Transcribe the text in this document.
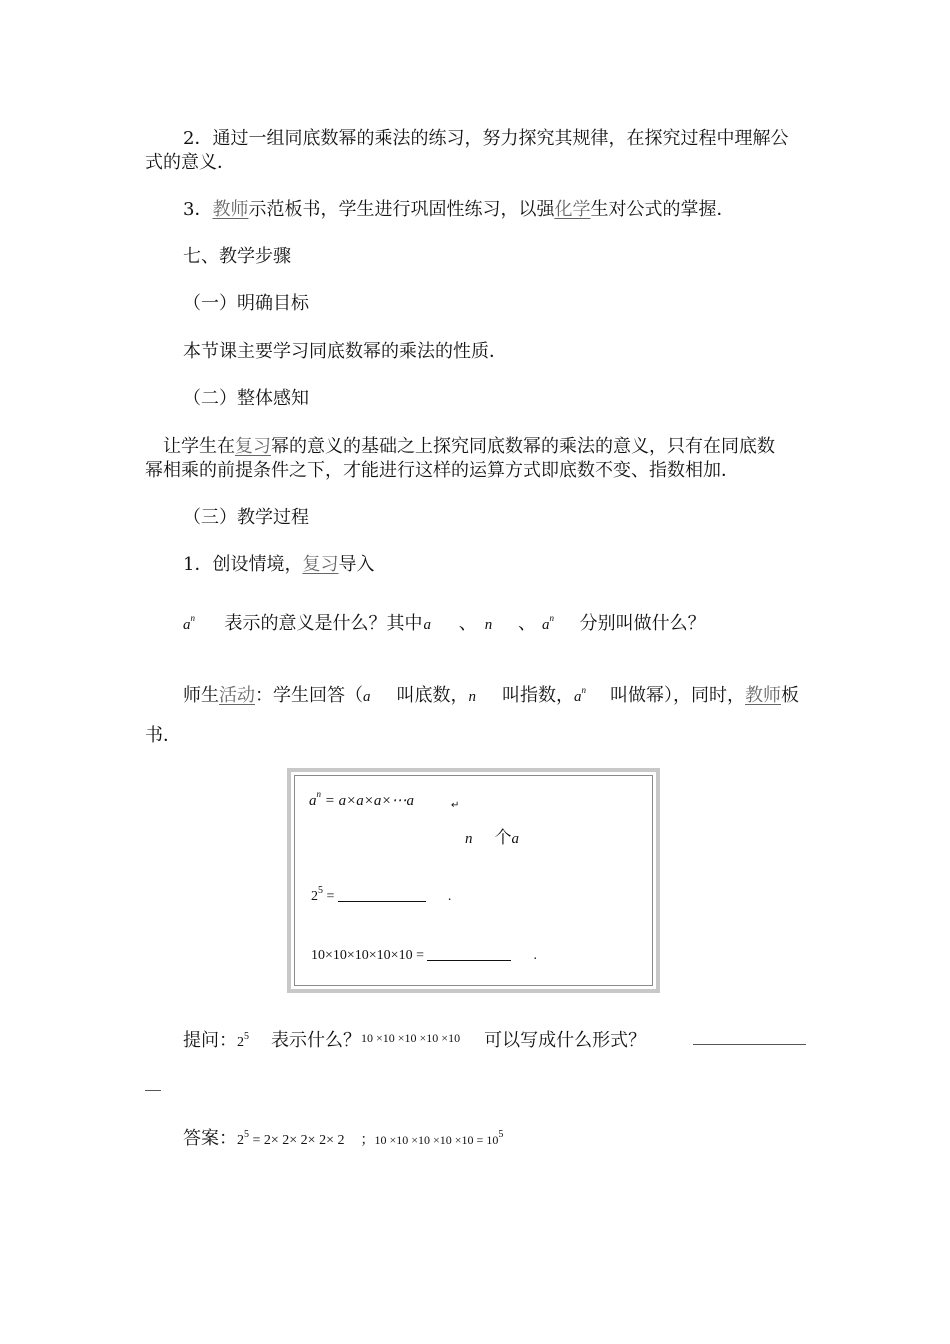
2．通过一组同底数幂的乘法的练习，努力探究其规律，在探究过程中理解公
式的意义．
3．教师示范板书，学生进行巩固性练习，以强化学生对公式的掌握．
七、教学步骤
（一）明确目标
本节课主要学习同底数幂的乘法的性质．
（二）整体感知
让学生在复习幂的意义的基础之上探究同底数幂的乘法的意义，只有在同底数
幂相乘的前提条件之下，才能进行这样的运算方式即底数不变、指数相加．
（三）教学过程
1．创设情境，复习导入
$a^n$ 表示的意义是什么？其中a 、 n 、 $a^n$ 分别叫做什么？
师生活动：学生回答（a 叫底数，n 叫指数，$a^n$ 叫做幂），同时，教师板
书．
$a^n$ = a×a×a×⋯a	↵
n 个a
$2^5$ =	.
10×10×10×10×10 =	.
提问：$2^5$ 表示什么？$^{10 \times 10 \times 10 \times 10 \times 10}$ 可以写成什么形式？
答案：$2^5 = 2\times 2\times 2\times 2\times 2$ ；$10 \times 10 \times 10 \times 10 \times 10 = 10^5$
